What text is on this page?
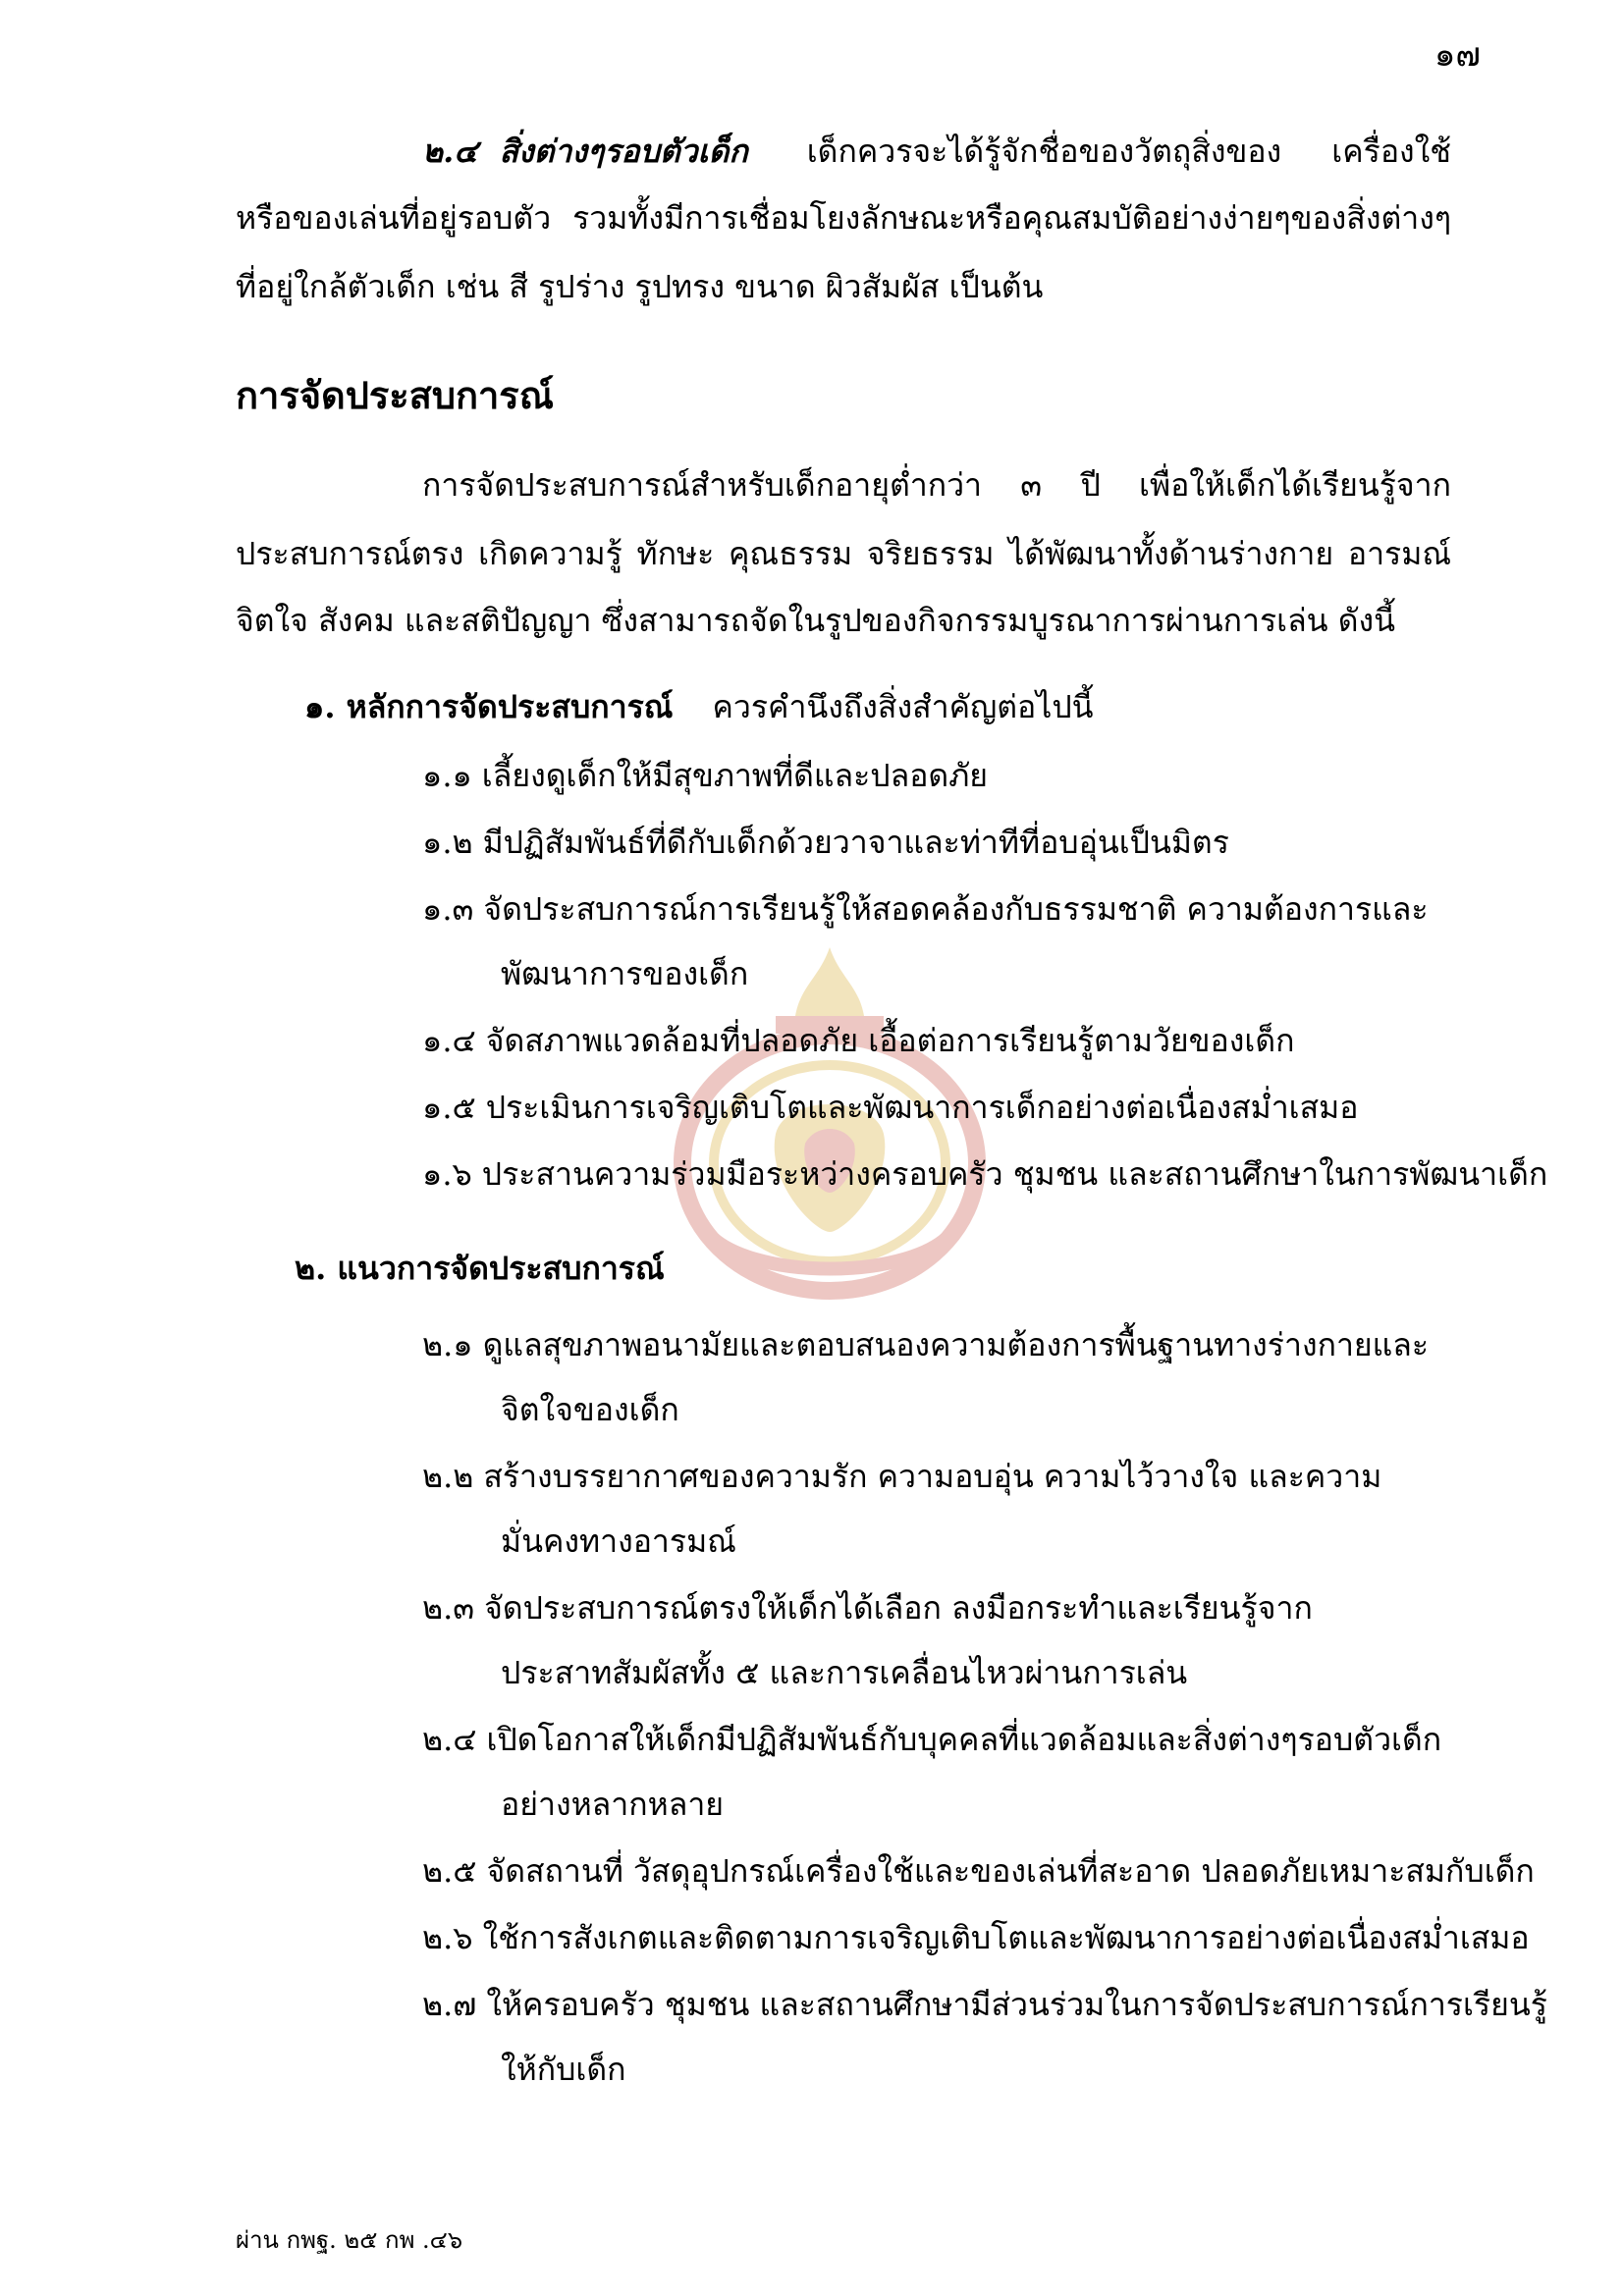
๑๗
๒.๔ สิ่งต่างๆรอบตัวเด็ก เด็กควรจะได้รู้จักชื่อของวัตถุสิ่งของ เครื่องใช้
หรือของเล่นที่อยู่รอบตัว รวมทั้งมีการเชื่อมโยงลักษณะหรือคุณสมบัติอย่างง่ายๆของสิ่งต่างๆ
ที่อยู่ใกล้ตัวเด็ก เช่น สี รูปร่าง รูปทรง ขนาด ผิวสัมผัส เป็นต้น
การจัดประสบการณ์
การจัดประสบการณ์สำหรับเด็กอายุต่ำกว่า ๓ ปี เพื่อให้เด็กได้เรียนรู้จาก
ประสบการณ์ตรง เกิดความรู้ ทักษะ คุณธรรม จริยธรรม ได้พัฒนาทั้งด้านร่างกาย อารมณ์
จิตใจ สังคม และสติปัญญา ซึ่งสามารถจัดในรูปของกิจกรรมบูรณาการผ่านการเล่น ดังนี้
๑. หลักการจัดประสบการณ์ ควรคำนึงถึงสิ่งสำคัญต่อไปนี้
๑.๑ เลี้ยงดูเด็กให้มีสุขภาพที่ดีและปลอดภัย
๑.๒ มีปฏิสัมพันธ์ที่ดีกับเด็กด้วยวาจาและท่าทีที่อบอุ่นเป็นมิตร
๑.๓ จัดประสบการณ์การเรียนรู้ให้สอดคล้องกับธรรมชาติ ความต้องการและ
พัฒนาการของเด็ก
๑.๔ จัดสภาพแวดล้อมที่ปลอดภัย เอื้อต่อการเรียนรู้ตามวัยของเด็ก
๑.๕ ประเมินการเจริญเติบโตและพัฒนาการเด็กอย่างต่อเนื่องสม่ำเสมอ
๑.๖ ประสานความร่วมมือระหว่างครอบครัว ชุมชน และสถานศึกษาในการพัฒนาเด็ก
๒. แนวการจัดประสบการณ์
๒.๑ ดูแลสุขภาพอนามัยและตอบสนองความต้องการพื้นฐานทางร่างกายและ
จิตใจของเด็ก
๒.๒ สร้างบรรยากาศของความรัก ความอบอุ่น ความไว้วางใจ และความ
มั่นคงทางอารมณ์
๒.๓ จัดประสบการณ์ตรงให้เด็กได้เลือก ลงมือกระทำและเรียนรู้จาก
ประสาทสัมผัสทั้ง ๕ และการเคลื่อนไหวผ่านการเล่น
๒.๔ เปิดโอกาสให้เด็กมีปฏิสัมพันธ์กับบุคคลที่แวดล้อมและสิ่งต่างๆรอบตัวเด็ก
อย่างหลากหลาย
๒.๕ จัดสถานที่ วัสดุอุปกรณ์เครื่องใช้และของเล่นที่สะอาด ปลอดภัยเหมาะสมกับเด็ก
๒.๖ ใช้การสังเกตและติดตามการเจริญเติบโตและพัฒนาการอย่างต่อเนื่องสม่ำเสมอ
๒.๗ ให้ครอบครัว ชุมชน และสถานศึกษามีส่วนร่วมในการจัดประสบการณ์การเรียนรู้
ให้กับเด็ก
ผ่าน กพฐ. ๒๕ กพ .๔๖
